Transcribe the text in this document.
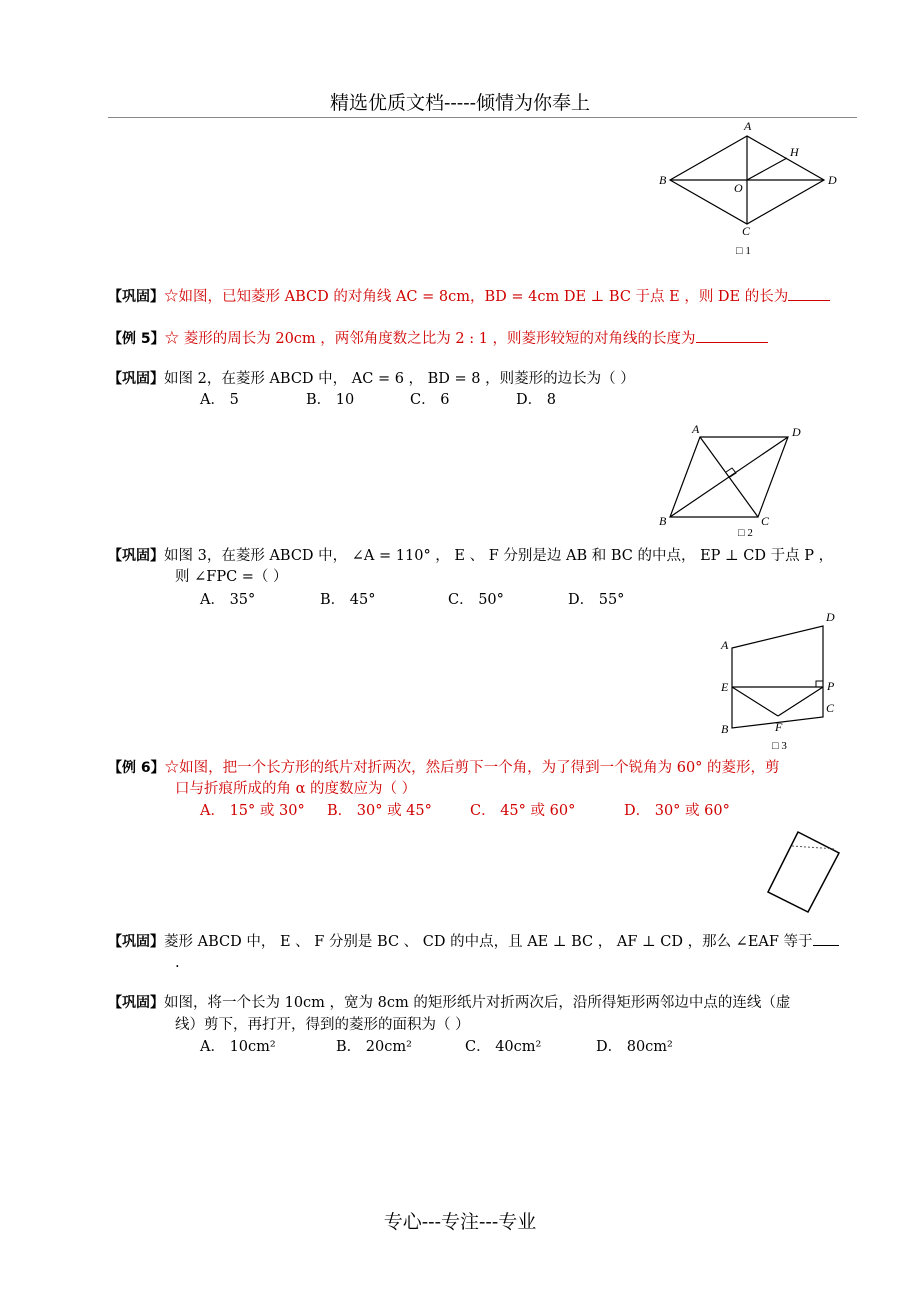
精选优质文档-----倾情为你奉上
A
B
C
D
O
H
□ 1
【巩固】☆如图，已知菱形 ABCD 的对角线 AC = 8cm，BD = 4cm DE ⊥ BC 于点 E ，则 DE 的长为
【例 5】☆ 菱形的周长为 20cm ，两邻角度数之比为 2 : 1 ，则菱形较短的对角线的长度为
【巩固】如图 2，在菱形 ABCD 中， AC = 6 ， BD = 8 ，则菱形的边长为（ ）
A． 5	B． 10	C． 6	D． 8
A	D
B	C
□ 2
【巩固】如图 3，在菱形 ABCD 中， ∠A = 110° ， E 、 F 分别是边 AB 和 BC 的中点， EP ⊥ CD 于点 P ，
则 ∠FPC =（ ）
A． 35°	B． 45°	C． 50°	D． 55°
A
D
E	P
C
B	F
□ 3
【例 6】☆如图，把一个长方形的纸片对折两次，然后剪下一个角，为了得到一个锐角为 60° 的菱形，剪
口与折痕所成的角 α 的度数应为（ ）
A． 15° 或 30° B． 30° 或 45°	C． 45° 或 60°	D． 30° 或 60°
【巩固】菱形 ABCD 中， E 、 F 分别是 BC 、 CD 的中点，且 AE ⊥ BC ， AF ⊥ CD ，那么 ∠EAF 等于
.
【巩固】如图，将一个长为 10cm ，宽为 8cm 的矩形纸片对折两次后，沿所得矩形两邻边中点的连线（虚
线）剪下，再打开，得到的菱形的面积为（ ）
A． 10cm²	B． 20cm²	C． 40cm²	D． 80cm²
专心---专注---专业
